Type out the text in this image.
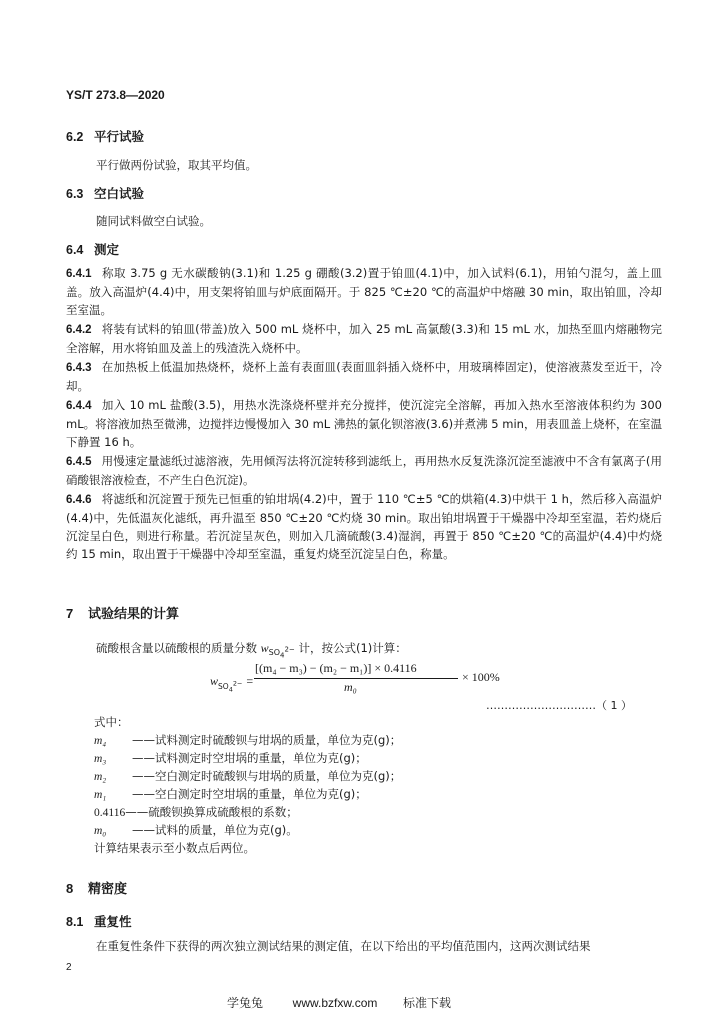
YS/T 273.8—2020
6.2 平行试验
平行做两份试验，取其平均值。
6.3 空白试验
随同试料做空白试验。
6.4 测定
6.4.1 称取 3.75 g 无水碳酸钠(3.1)和 1.25 g 硼酸(3.2)置于铂皿(4.1)中，加入试料(6.1)，用铂勺混匀，盖上皿盖。放入高温炉(4.4)中，用支架将铂皿与炉底面隔开。于 825 ℃±20 ℃的高温炉中熔融 30 min，取出铂皿，冷却至室温。
6.4.2 将装有试料的铂皿(带盖)放入 500 mL 烧杯中，加入 25 mL 高氯酸(3.3)和 15 mL 水，加热至皿内熔融物完全溶解，用水将铂皿及盖上的残渣洗入烧杯中。
6.4.3 在加热板上低温加热烧杯，烧杯上盖有表面皿(表面皿斜插入烧杯中，用玻璃棒固定)，使溶液蒸发至近干，冷却。
6.4.4 加入 10 mL 盐酸(3.5)，用热水洗涤烧杯壁并充分搅拌，使沉淀完全溶解，再加入热水至溶液体积约为 300 mL。将溶液加热至微沸，边搅拌边慢慢加入 30 mL 沸热的氯化钡溶液(3.6)并煮沸 5 min，用表皿盖上烧杯，在室温下静置 16 h。
6.4.5 用慢速定量滤纸过滤溶液，先用倾泻法将沉淀转移到滤纸上，再用热水反复洗涤沉淀至滤液中不含有氯离子(用硝酸银溶液检查，不产生白色沉淀)。
6.4.6 将滤纸和沉淀置于预先已恒重的铂坩埚(4.2)中，置于 110 ℃±5 ℃的烘箱(4.3)中烘干 1 h，然后移入高温炉(4.4)中，先低温灰化滤纸，再升温至 850 ℃±20 ℃灼烧 30 min。取出铂坩埚置于干燥器中冷却至室温，若灼烧后沉淀呈白色，则进行称量。若沉淀呈灰色，则加入几滴硫酸(3.4)湿润，再置于 850 ℃±20 ℃的高温炉(4.4)中灼烧约 15 min，取出置于干燥器中冷却至室温，重复灼烧至沉淀呈白色，称量。
7 试验结果的计算
硫酸根含量以硫酸根的质量分数 $w_{SO_4^{2-}}$ 计，按公式(1)计算：
$w_{SO_4^{2-}}$ =
[(m₄ − m₃) − (m₂ − m₁)] × 0.4116
m₀
× 100%
…………………………（ 1 ）
式中：
m₄ ——试料测定时硫酸钡与坩埚的质量，单位为克(g)；
m₃ ——试料测定时空坩埚的重量，单位为克(g)；
m₂ ——空白测定时硫酸钡与坩埚的质量，单位为克(g)；
m₁ ——空白测定时空坩埚的重量，单位为克(g)；
0.4116——硫酸钡换算成硫酸根的系数；
m₀ ——试料的质量，单位为克(g)。
计算结果表示至小数点后两位。
8 精密度
8.1 重复性
在重复性条件下获得的两次独立测试结果的测定值，在以下给出的平均值范围内，这两次测试结果
2
学兔兔 www.bzfxw.com 标准下载
